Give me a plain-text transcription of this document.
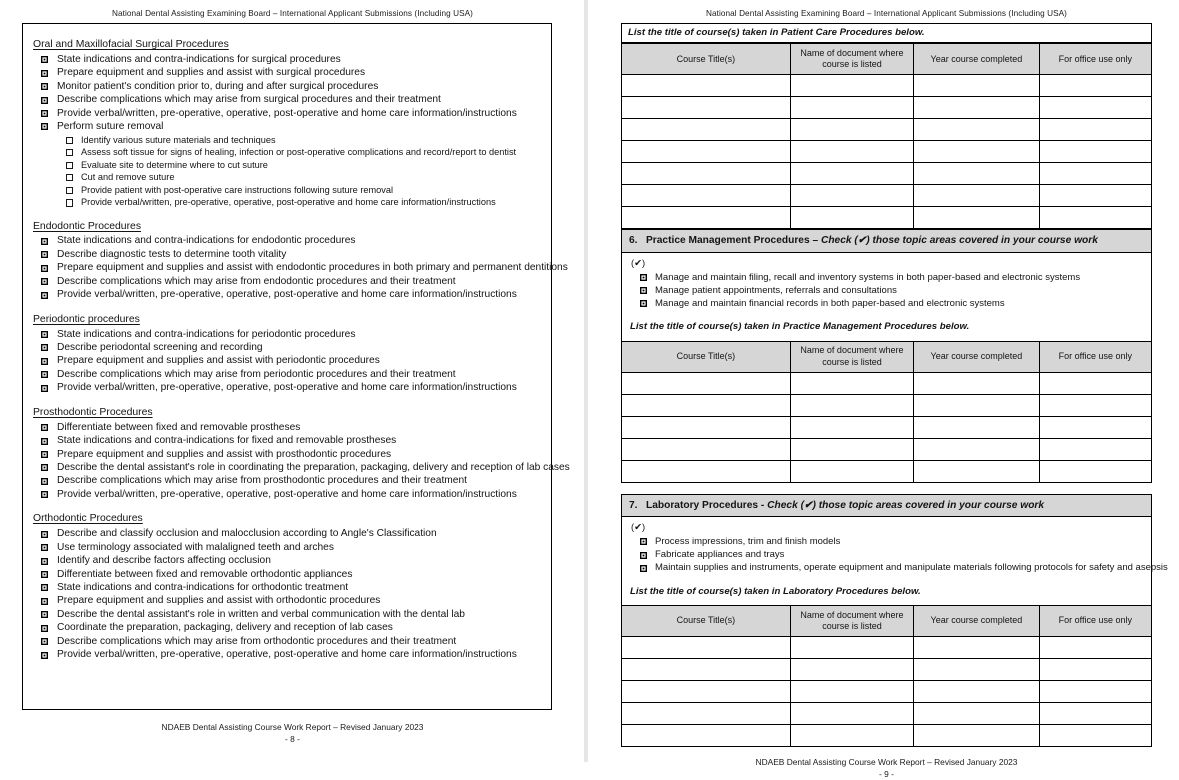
National Dental Assisting Examining Board – International Applicant Submissions (Including USA)
Oral and Maxillofacial Surgical Procedures
State indications and contra-indications for surgical procedures
Prepare equipment and supplies and assist with surgical procedures
Monitor patient's condition prior to, during and after surgical procedures
Describe complications which may arise from surgical procedures and their treatment
Provide verbal/written, pre-operative, operative, post-operative and home care information/instructions
Perform suture removal
Identify various suture materials and techniques
Assess soft tissue for signs of healing, infection or post-operative complications and record/report to dentist
Evaluate site to determine where to cut suture
Cut and remove suture
Provide patient with post-operative care instructions following suture removal
Provide verbal/written, pre-operative, operative, post-operative and home care information/instructions
Endodontic Procedures
State indications and contra-indications for endodontic procedures
Describe diagnostic tests to determine tooth vitality
Prepare equipment and supplies and assist with endodontic procedures in both primary and permanent dentitions
Describe complications which may arise from endodontic procedures and their treatment
Provide verbal/written, pre-operative, operative, post-operative and home care information/instructions
Periodontic procedures
State indications and contra-indications for periodontic procedures
Describe periodontal screening and recording
Prepare equipment and supplies and assist with periodontic procedures
Describe complications which may arise from periodontic procedures and their treatment
Provide verbal/written, pre-operative, operative, post-operative and home care information/instructions
Prosthodontic Procedures
Differentiate between fixed and removable prostheses
State indications and contra-indications for fixed and removable prostheses
Prepare equipment and supplies and assist with prosthodontic procedures
Describe the dental assistant's role in coordinating the preparation, packaging, delivery and reception of lab cases
Describe complications which may arise from prosthodontic procedures and their treatment
Provide verbal/written, pre-operative, operative, post-operative and home care information/instructions
Orthodontic Procedures
Describe and classify occlusion and malocclusion according to Angle's Classification
Use terminology associated with malaligned teeth and arches
Identify and describe factors affecting occlusion
Differentiate between fixed and removable orthodontic appliances
State indications and contra-indications for orthodontic treatment
Prepare equipment and supplies and assist with orthodontic procedures
Describe the dental assistant's role in written and verbal communication with the dental lab
Coordinate the preparation, packaging, delivery and reception of lab cases
Describe complications which may arise from orthodontic procedures and their treatment
Provide verbal/written, pre-operative, operative, post-operative and home care information/instructions
NDAEB Dental Assisting Course Work Report – Revised January 2023
- 8 -
National Dental Assisting Examining Board – International Applicant Submissions (Including USA)
List the title of course(s) taken in Patient Care Procedures below.
Course Title(s)	Name of document where course is listed	Year course completed	For office use only

6. Practice Management Procedures – Check (✔) those topic areas covered in your course work
(✔)
Manage and maintain filing, recall and inventory systems in both paper-based and electronic systems
Manage patient appointments, referrals and consultations
Manage and maintain financial records in both paper-based and electronic systems
List the title of course(s) taken in Practice Management Procedures below.
Course Title(s)	Name of document where course is listed	Year course completed	For office use only

7. Laboratory Procedures - Check (✔) those topic areas covered in your course work
(✔)
Process impressions, trim and finish models
Fabricate appliances and trays
Maintain supplies and instruments, operate equipment and manipulate materials following protocols for safety and asepsis
List the title of course(s) taken in Laboratory Procedures below.
Course Title(s)	Name of document where course is listed	Year course completed	For office use only

NDAEB Dental Assisting Course Work Report – Revised January 2023
- 9 -
